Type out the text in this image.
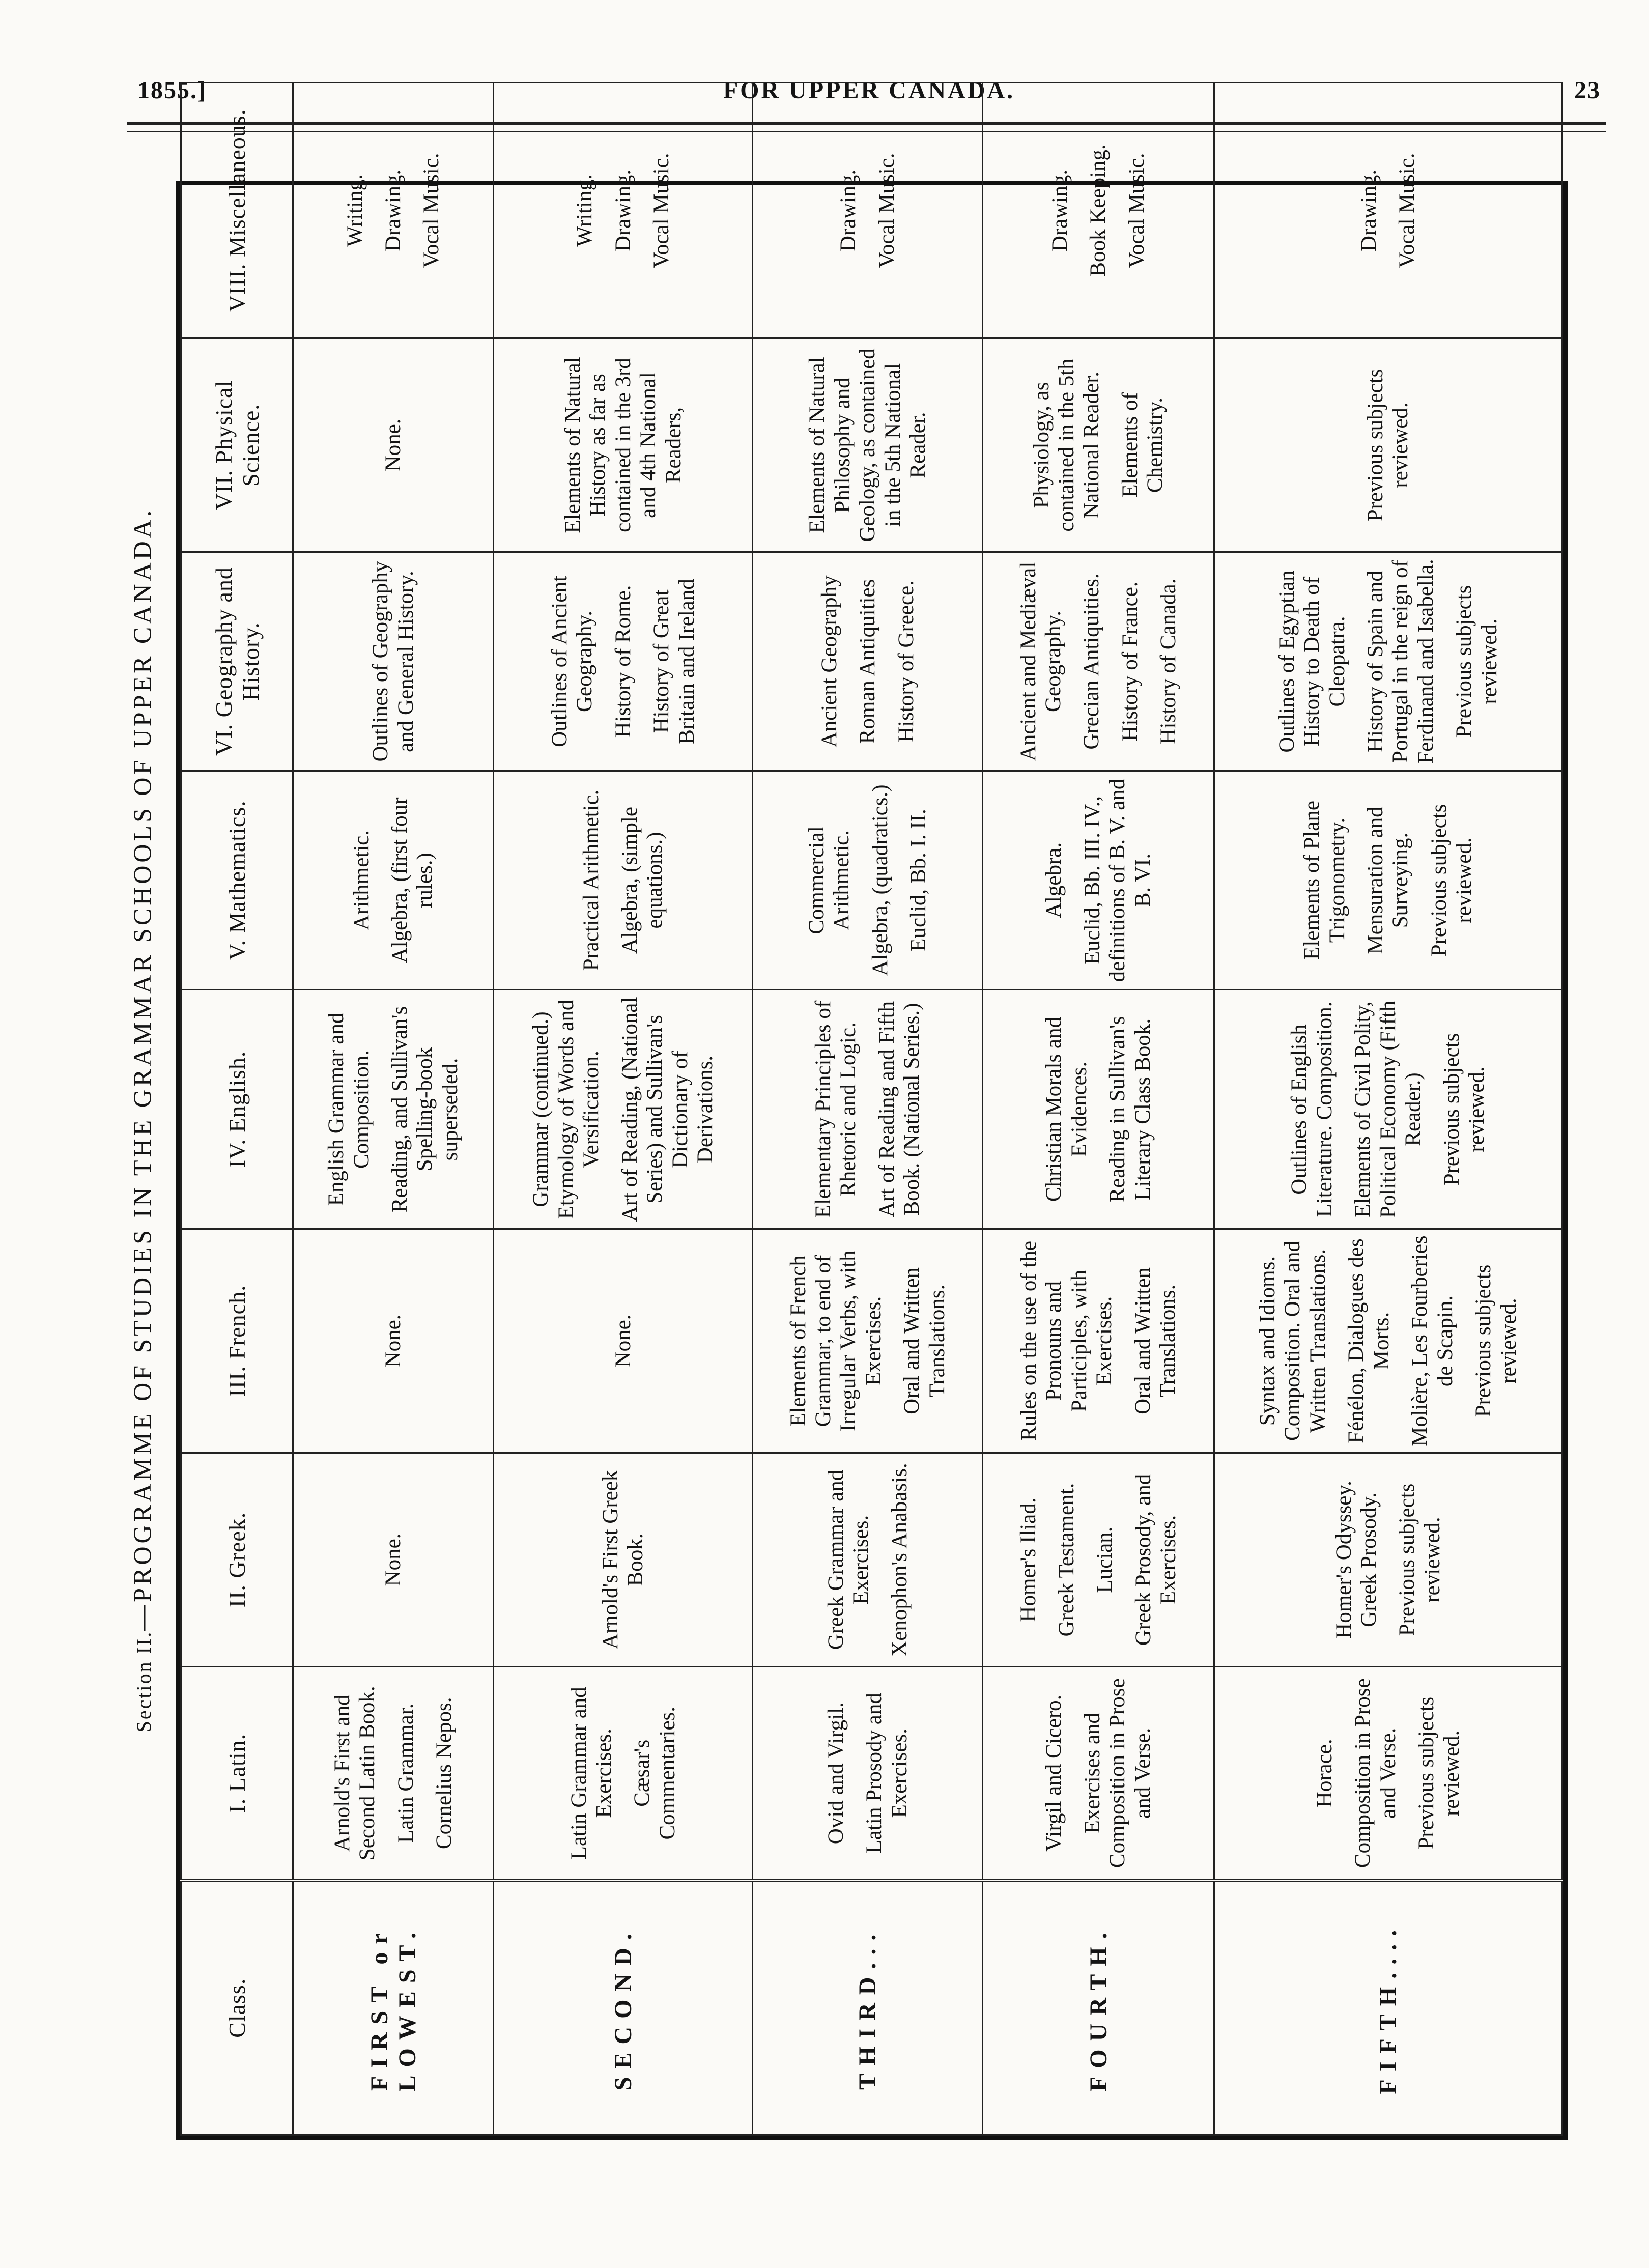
1855.]	FOR UPPER CANADA.	23
Section II.—PROGRAMME OF STUDIES IN THE GRAMMAR SCHOOLS OF UPPER CANADA.
Class.	I. Latin.	II. Greek.	III. French.	IV. English.	V. Mathematics.	VI. Geography and History.	VII. Physical Science.	VIII. Miscellaneous.
FIRST or LOWEST.	Arnold's First and Second Latin Book. Latin Grammar. Cornelius Nepos.	None.	None.	English Grammar and Composition. Reading, and Sullivan's Spelling-book superseded.	Arithmetic. Algebra, (first four rules.)	Outlines of Geography and General History.	None.	Writing. Drawing. Vocal Music.

SECOND.	Latin Grammar and Exercises. Cæsar's Commentaries.	Arnold's First Greek Book.	None.	Grammar (continued.) Etymology of Words and Versification. Art of Reading, (National Series) and Sullivan's Dictionary of Derivations.	Practical Arithmetic. Algebra, (simple equations.)	Outlines of Ancient Geography. History of Rome. History of Great Britain and Ireland	Elements of Natural History as far as contained in the 3rd and 4th National Readers,	Writing. Drawing. Vocal Music.

THIRD...	Ovid and Virgil. Latin Prosody and Exercises.	Greek Grammar and Exercises. Xenophon's Anabasis.	Elements of French Grammar, to end of Irregular Verbs, with Exercises. Oral and Written Translations.	Elementary Principles of Rhetoric and Logic. Art of Reading and Fifth Book. (National Series.)	Commercial Arithmetic. Algebra, (quadratics.) Euclid, Bb. I. II.	Ancient Geography Roman Antiquities History of Greece.	Elements of Natural Philosophy and Geology, as contained in the 5th National Reader.	Drawing. Vocal Music.

FOURTH.	Virgil and Cicero. Exercises and Composition in Prose and Verse.	Homer's Iliad. Greek Testament. Lucian. Greek Prosody, and Exercises.	Rules on the use of the Pronouns and Participles, with Exercises. Oral and Written Translations.	Christian Morals and Evidences. Reading in Sullivan's Literary Class Book.	Algebra. Euclid, Bb. III. IV., definitions of B. V. and B. VI.	Ancient and Mediæval Geography. Grecian Antiquities. History of France. History of Canada.	Physiology, as contained in the 5th National Reader. Elements of Chemistry.	Drawing. Book Keeping. Vocal Music.

FIFTH....	Horace. Composition in Prose and Verse. Previous subjects reviewed.	Homer's Odyssey. Greek Prosody. Previous subjects reviewed.	Syntax and Idioms. Composition. Oral and Written Translations. Fénélon, Dialogues des Morts. Molière, Les Fourberies de Scapin. Previous subjects reviewed.	Outlines of English Literature. Composition. Elements of Civil Polity, Political Economy (Fifth Reader.) Previous subjects reviewed.	Elements of Plane Trigonometry. Mensuration and Surveying. Previous subjects reviewed.	Outlines of Egyptian History to Death of Cleopatra. History of Spain and Portugal in the reign of Ferdinand and Isabella. Previous subjects reviewed.	Previous subjects reviewed.	Drawing. Vocal Music.
